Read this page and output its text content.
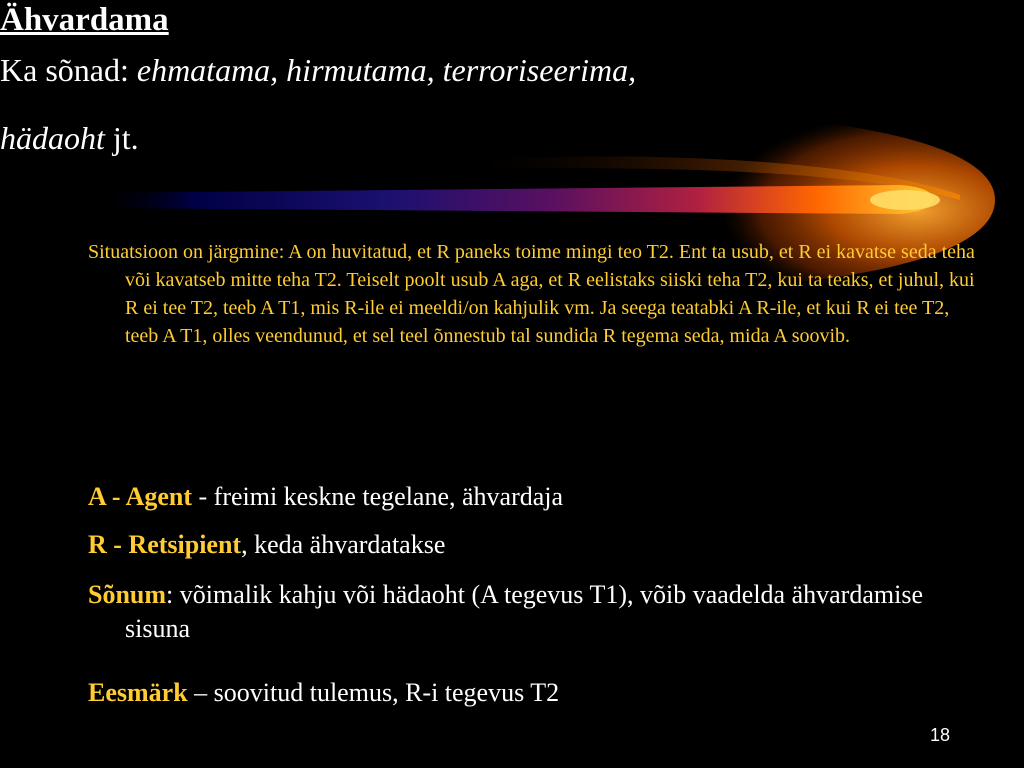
Ähvardama
Ka sõnad: ehmatama, hirmutama, terroriseerima,
hädaoht jt.
Situatsioon on järgmine: A on huvitatud, et R paneks toime mingi teo T2. Ent ta usub, et R ei kavatse seda teha või kavatseb mitte teha T2. Teiselt poolt usub A aga, et R eelistaks siiski teha T2, kui ta teaks, et juhul, kui R ei tee T2, teeb A T1, mis R-ile ei meeldi/on kahjulik vm. Ja seega teatabki A R-ile, et kui R ei tee T2, teeb A T1, olles veendunud, et sel teel õnnestub tal sundida R tegema seda, mida A soovib.
A - Agent - freimi keskne tegelane, ähvardaja
R - Retsipient, keda ähvardatakse
Sõnum: võimalik kahju või hädaoht (A tegevus T1), võib vaadelda ähvardamise sisuna
Eesmärk – soovitud tulemus, R-i tegevus T2
18
